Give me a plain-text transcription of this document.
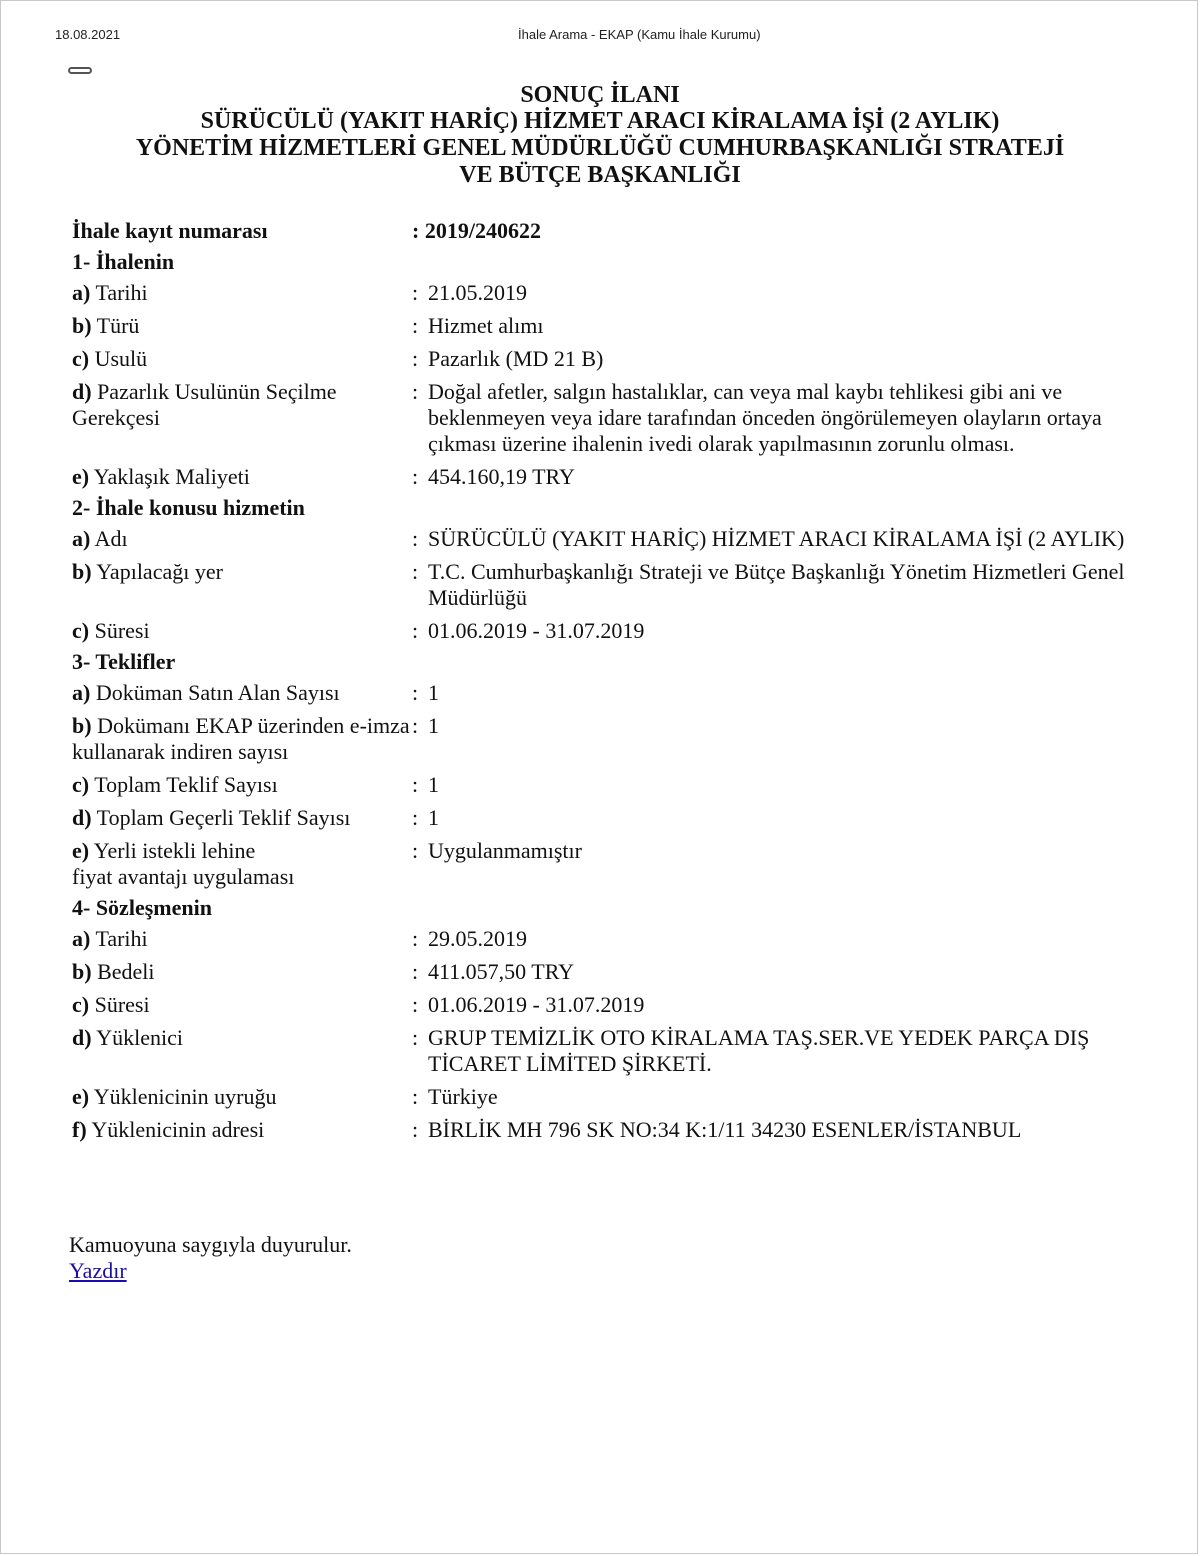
18.08.2021	İhale Arama - EKAP (Kamu İhale Kurumu)
SONUÇ İLANI
SÜRÜCÜLÜ (YAKIT HARİÇ) HİZMET ARACI KİRALAMA İŞİ (2 AYLIK)
YÖNETİM HİZMETLERİ GENEL MÜDÜRLÜĞÜ CUMHURBAŞKANLIĞI STRATEJİ VE BÜTÇE BAŞKANLIĞI
İhale kayıt numarası	: 2019/240622	
1- İhalenin		
a) Tarihi	:	21.05.2019
b) Türü	:	Hizmet alımı
c) Usulü	:	Pazarlık (MD 21 B)
d) Pazarlık Usulünün Seçilme Gerekçesi	:	Doğal afetler, salgın hastalıklar, can veya mal kaybı tehlikesi gibi ani ve beklenmeyen veya idare tarafından önceden öngörülemeyen olayların ortaya çıkması üzerine ihalenin ivedi olarak yapılmasının zorunlu olması.
e) Yaklaşık Maliyeti	:	454.160,19 TRY
2- İhale konusu hizmetin		
a) Adı	:	SÜRÜCÜLÜ (YAKIT HARİÇ) HİZMET ARACI KİRALAMA İŞİ (2 AYLIK)
b) Yapılacağı yer	:	T.C. Cumhurbaşkanlığı Strateji ve Bütçe Başkanlığı Yönetim Hizmetleri Genel Müdürlüğü
c) Süresi	:	01.06.2019 - 31.07.2019
3- Teklifler		
a) Doküman Satın Alan Sayısı	:	1
b) Dokümanı EKAP üzerinden e-imza kullanarak indiren sayısı	:	1
c) Toplam Teklif Sayısı	:	1
d) Toplam Geçerli Teklif Sayısı	:	1
e) Yerli istekli lehine
fiyat avantajı uygulaması	:	Uygulanmamıştır
4- Sözleşmenin		
a) Tarihi	:	29.05.2019
b) Bedeli	:	411.057,50 TRY
c) Süresi	:	01.06.2019 - 31.07.2019
d) Yüklenici	:	GRUP TEMİZLİK OTO KİRALAMA TAŞ.SER.VE YEDEK PARÇA DIŞ TİCARET LİMİTED ŞİRKETİ.
e) Yüklenicinin uyruğu	:	Türkiye
f) Yüklenicinin adresi	:	BİRLİK MH 796 SK NO:34 K:1/11 34230 ESENLER/İSTANBUL
Kamuoyuna saygıyla duyurulur.
Yazdır
